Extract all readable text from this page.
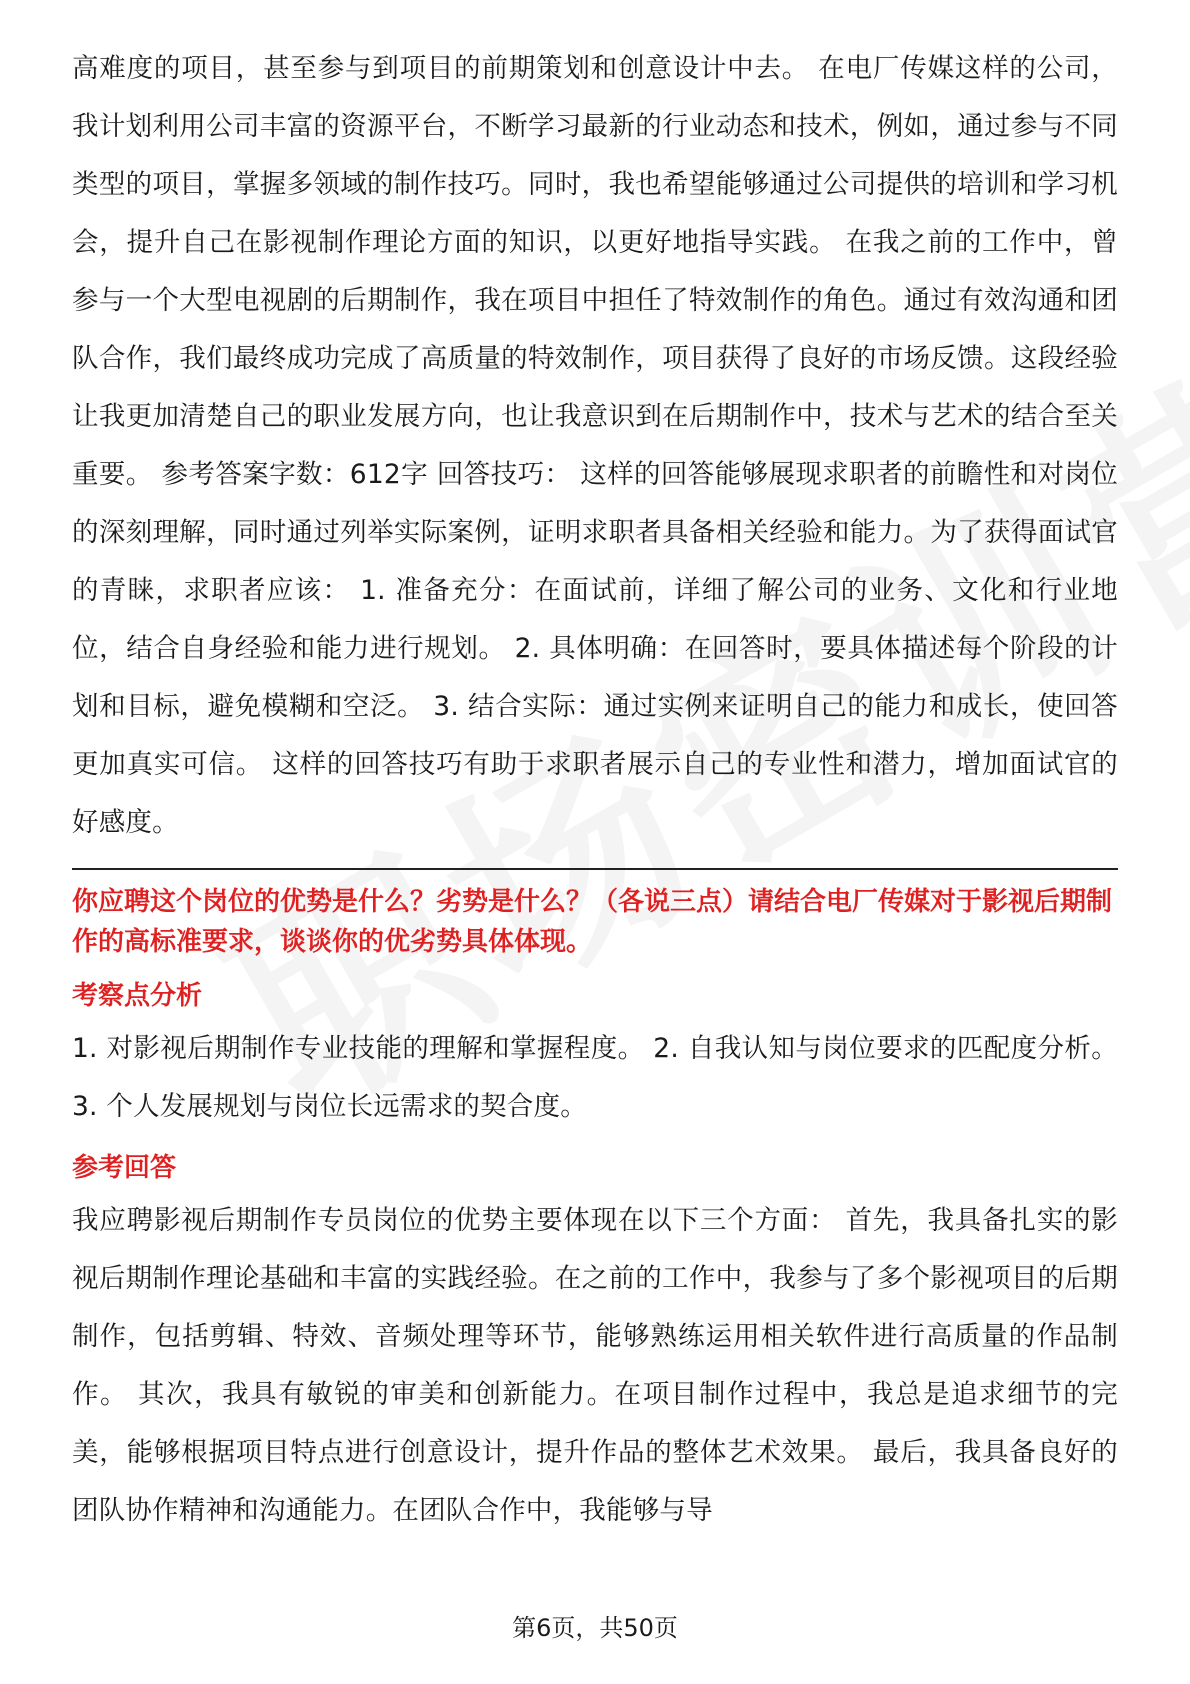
高难度的项目，甚至参与到项目的前期策划和创意设计中去。 在电厂传媒这样的公司，我计划利用公司丰富的资源平台，不断学习最新的行业动态和技术，例如，通过参与不同类型的项目，掌握多领域的制作技巧。同时，我也希望能够通过公司提供的培训和学习机会，提升自己在影视制作理论方面的知识，以更好地指导实践。 在我之前的工作中，曾参与一个大型电视剧的后期制作，我在项目中担任了特效制作的角色。通过有效沟通和团队合作，我们最终成功完成了高质量的特效制作，项目获得了良好的市场反馈。这段经验让我更加清楚自己的职业发展方向，也让我意识到在后期制作中，技术与艺术的结合至关重要。 参考答案字数：612字 回答技巧： 这样的回答能够展现求职者的前瞻性和对岗位的深刻理解，同时通过列举实际案例，证明求职者具备相关经验和能力。为了获得面试官的青睐，求职者应该： 1. 准备充分：在面试前，详细了解公司的业务、文化和行业地位，结合自身经验和能力进行规划。 2. 具体明确：在回答时，要具体描述每个阶段的计划和目标，避免模糊和空泛。 3. 结合实际：通过实例来证明自己的能力和成长，使回答更加真实可信。 这样的回答技巧有助于求职者展示自己的专业性和潜力，增加面试官的好感度。

你应聘这个岗位的优势是什么？劣势是什么？（各说三点）请结合电厂传媒对于影视后期制作的高标准要求，谈谈你的优劣势具体体现。

考察点分析

1. 对影视后期制作专业技能的理解和掌握程度。 2. 自我认知与岗位要求的匹配度分析。 3. 个人发展规划与岗位长远需求的契合度。

参考回答

我应聘影视后期制作专员岗位的优势主要体现在以下三个方面： 首先，我具备扎实的影视后期制作理论基础和丰富的实践经验。在之前的工作中，我参与了多个影视项目的后期制作，包括剪辑、特效、音频处理等环节，能够熟练运用相关软件进行高质量的作品制作。 其次，我具有敏锐的审美和创新能力。在项目制作过程中，我总是追求细节的完美，能够根据项目特点进行创意设计，提升作品的整体艺术效果。 最后，我具备良好的团队协作精神和沟通能力。在团队合作中，我能够与导

第6页，共50页
